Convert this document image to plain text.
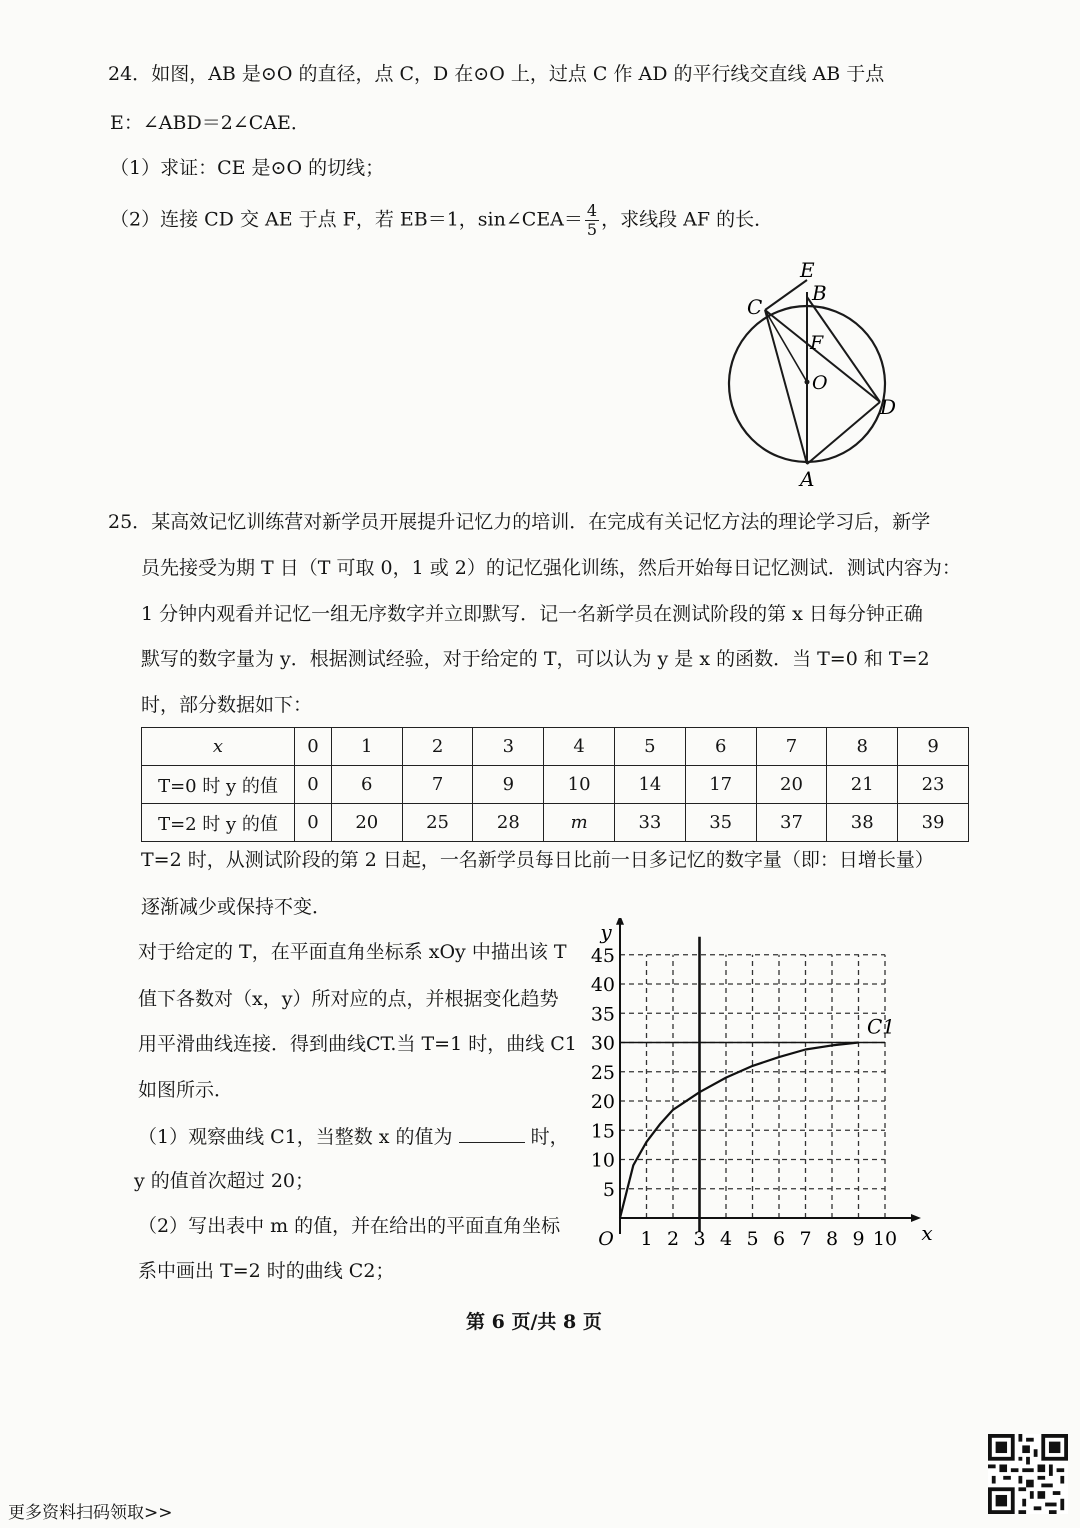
24．如图，AB 是⊙O 的直径，点 C，D 在⊙O 上，过点 C 作 AD 的平行线交直线 AB 于点
E：∠ABD＝2∠CAE．
（1）求证：CE 是⊙O 的切线；
（2）连接 CD 交 AE 于点 F，若 EB＝1，sin∠CEA＝ $\frac{4}{5}$ ，求线段 AF 的长．
E
B
C
F
O
D
A
25．某高效记忆训练营对新学员开展提升记忆力的培训．在完成有关记忆方法的理论学习后，新学
员先接受为期 T 日（T 可取 0，1 或 2）的记忆强化训练，然后开始每日记忆测试．测试内容为：
1 分钟内观看并记忆一组无序数字并立即默写．记一名新学员在测试阶段的第 x 日每分钟正确
默写的数字量为 y．根据测试经验，对于给定的 T，可以认为 y 是 x 的函数．当 T=0 和 T=2
时，部分数据如下：
x	0	1	2	3	4	5	6	7	8	9
T=0 时 y 的值	0	6	7	9	10	14	17	20	21	23
T=2 时 y 的值	0	20	25	28	m	33	35	37	38	39
T=2 时，从测试阶段的第 2 日起，一名新学员每日比前一日多记忆的数字量（即：日增长量）
逐渐减少或保持不变．
对于给定的 T，在平面直角坐标系 xOy 中描出该 T
值下各数对（x，y）所对应的点，并根据变化趋势
用平滑曲线连接．得到曲线CT.当 T=1 时，曲线 C1
如图所示．
（1）观察曲线 C1，当整数 x 的值为	时，
y 的值首次超过 20；
（2）写出表中 m 的值，并在给出的平面直角坐标
系中画出 T=2 时的曲线 C2；
1 2 3 4 5 6 7 8 9 10
5
10
15
20
25
30
35
40
45
O	x
y
C1
第 6 页/共 8 页
更多资料扫码领取>>
